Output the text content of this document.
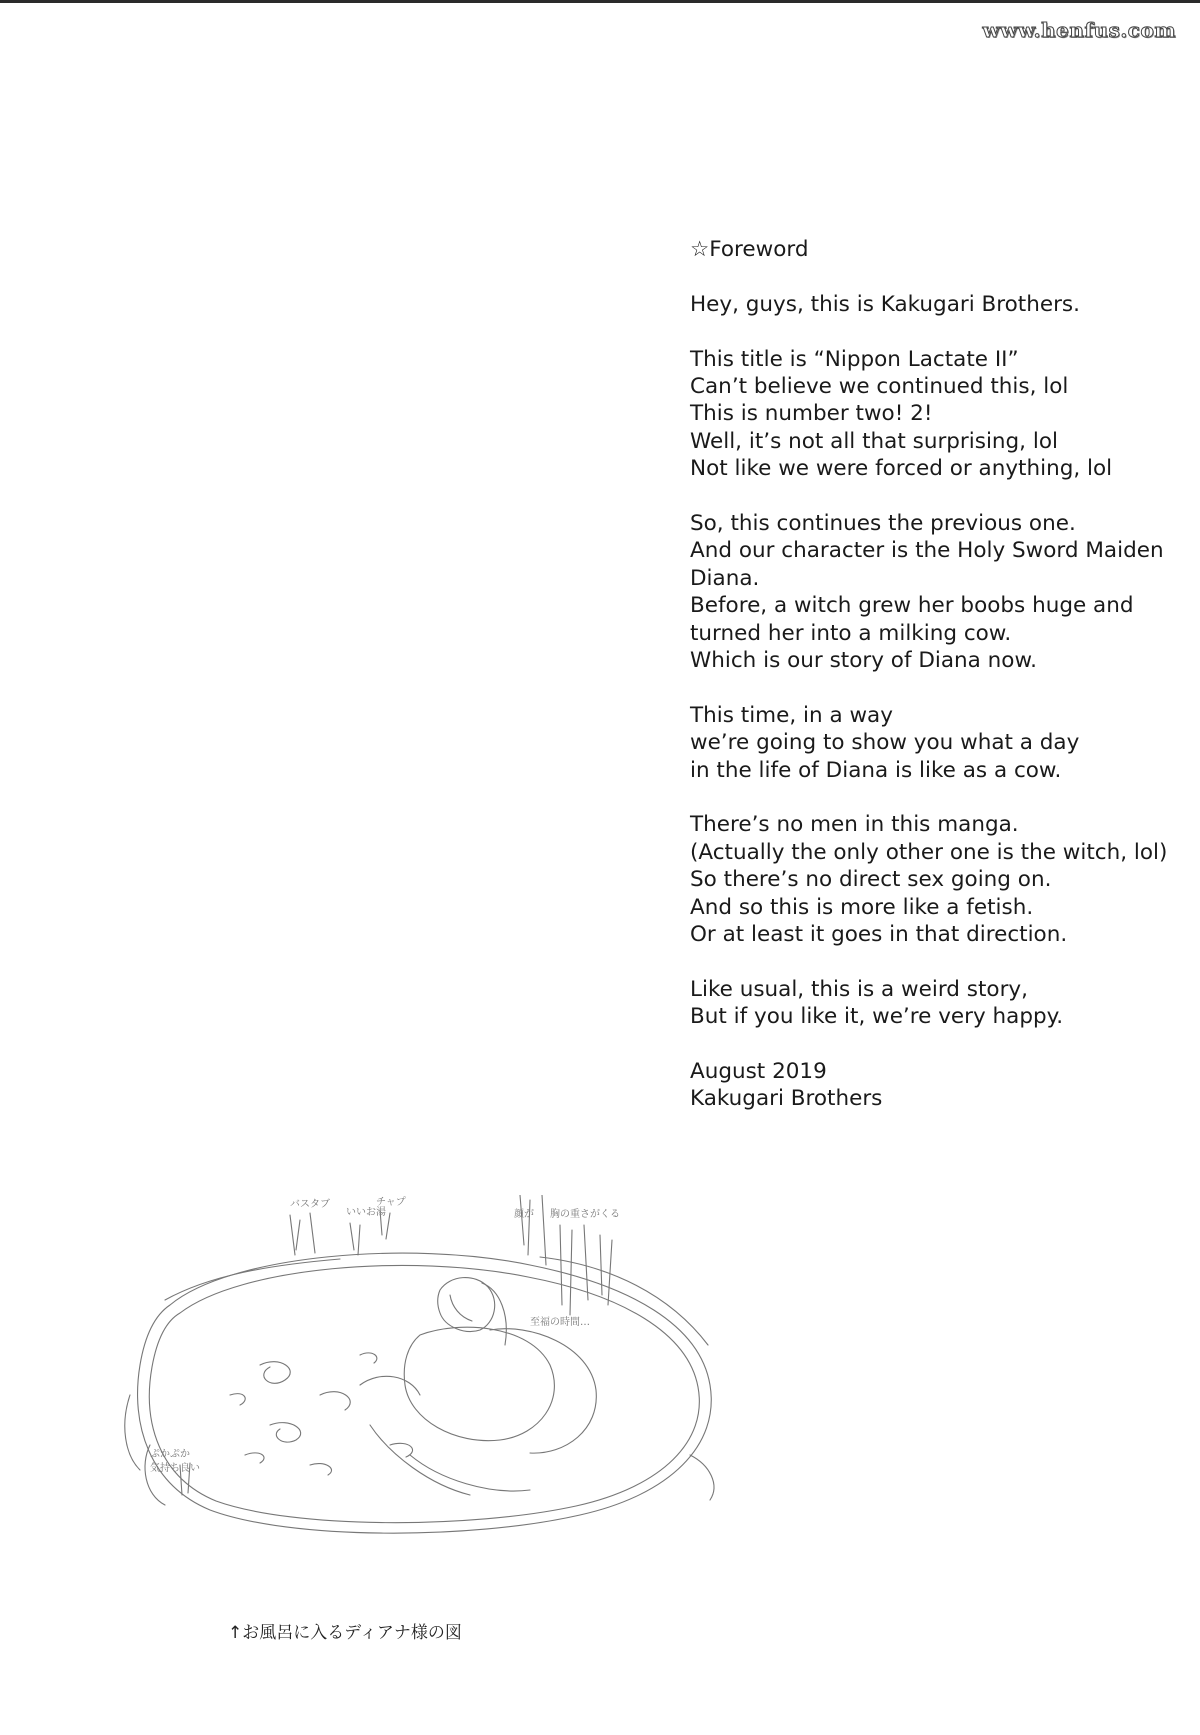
www.henfus.com
☆Foreword
Hey, guys, this is Kakugari Brothers.
This title is “Nippon Lactate II”
Can’t believe we continued this, lol
This is number two! 2!
Well, it’s not all that surprising, lol
Not like we were forced or anything, lol
So, this continues the previous one.
And our character is the Holy Sword Maiden
Diana.
Before, a witch grew her boobs huge and
turned her into a milking cow.
Which is our story of Diana now.
This time, in a way
we’re going to show you what a day
in the life of Diana is like as a cow.
There’s no men in this manga.
(Actually the only other one is the witch, lol)
So there’s no direct sex going on.
And so this is more like a fetish.
Or at least it goes in that direction.
Like usual, this is a weird story,
But if you like it, we’re very happy.
August 2019
Kakugari Brothers
至福の時間…
バスタブ
いいお湯
チャプ
胸の重さがくる
顔が
ぷかぷか
気持ち良い
↑お風呂に入るディアナ様の図
